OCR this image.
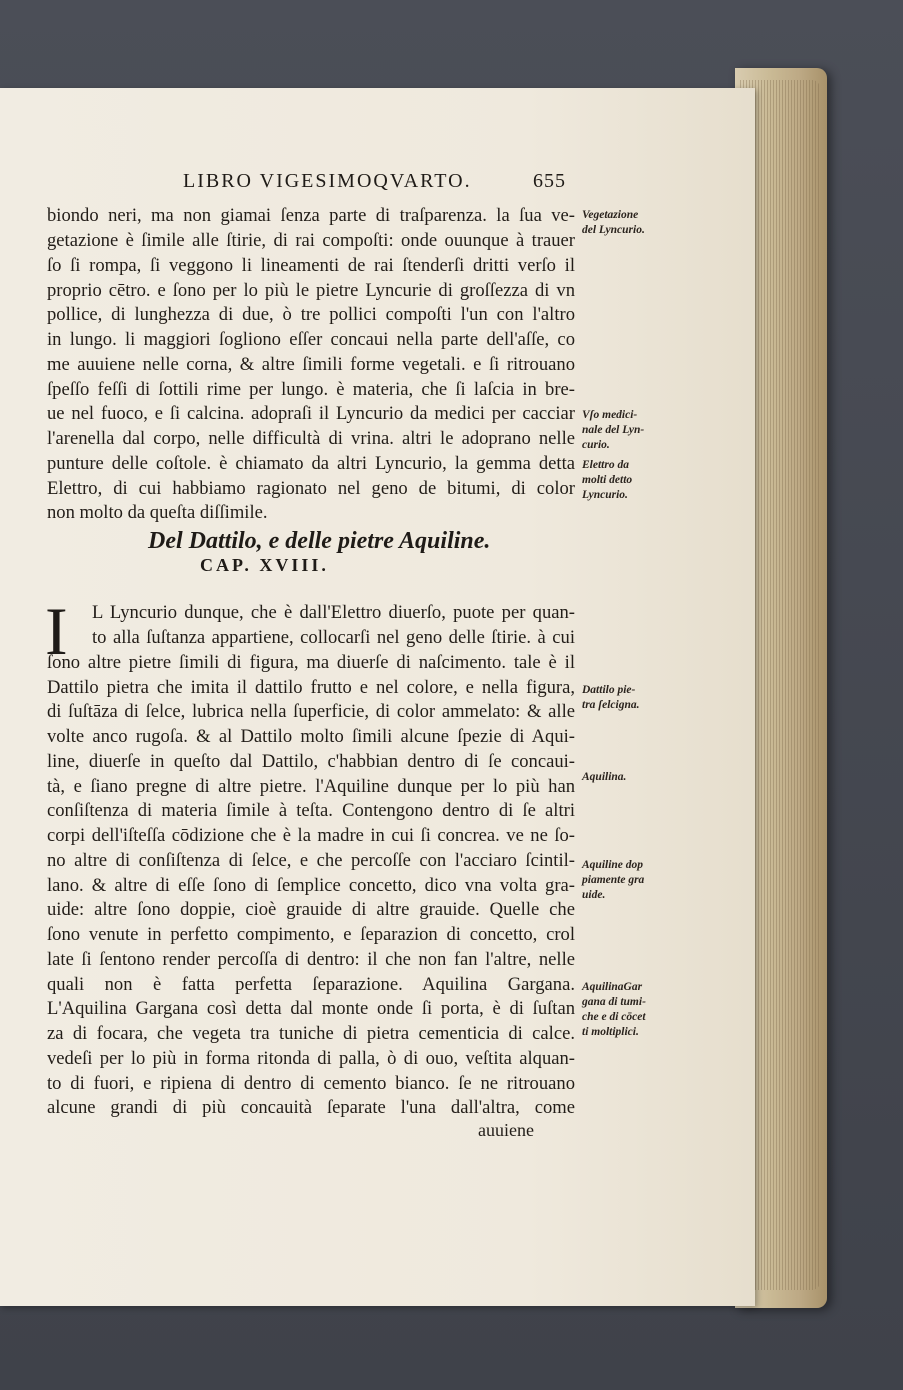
LIBRO VIGESIMOQVARTO.	655
biondo neri, ma non giamai ſenza parte di traſparenza. la ſua ve-
getazione è ſimile alle ſtirie, di rai compoſti: onde ouunque à trauer
ſo ſi rompa, ſi veggono li lineamenti de rai ſtenderſi dritti verſo il
proprio cētro. e ſono per lo più le pietre Lyncurie di groſſezza di vn
pollice, di lunghezza di due, ò tre pollici compoſti l'un con l'altro
in lungo. li maggiori ſogliono eſſer concaui nella parte dell'aſſe, co
me auuiene nelle corna, & altre ſimili forme vegetali. e ſi ritrouano
ſpeſſo feſſi di ſottili rime per lungo. è materia, che ſi laſcia in bre-
ue nel fuoco, e ſi calcina. adopraſi il Lyncurio da medici per cacciar
l'arenella dal corpo, nelle difficultà di vrina. altri le adoprano nelle
punture delle coſtole. è chiamato da altri Lyncurio, la gemma detta
Elettro, di cui habbiamo ragionato nel geno de bitumi, di color
non molto da queſta diſſimile.
Del Dattilo, e delle pietre Aquiline.
CAP. XVIII.
I L Lyncurio dunque, che è dall'Elettro diuerſo, puote per quan-
to alla ſuſtanza appartiene, collocarſi nel geno delle ſtirie. à cui
ſono altre pietre ſimili di figura, ma diuerſe di naſcimento. tale è il
Dattilo pietra che imita il dattilo frutto e nel colore, e nella figura,
di ſuſtāza di ſelce, lubrica nella ſuperficie, di color ammelato: & alle
volte anco rugoſa. & al Dattilo molto ſimili alcune ſpezie di Aqui-
line, diuerſe in queſto dal Dattilo, c'habbian dentro di ſe concaui-
tà, e ſiano pregne di altre pietre. l'Aquiline dunque per lo più han
conſiſtenza di materia ſimile à teſta. Contengono dentro di ſe altri
corpi dell'iſteſſa cōdizione che è la madre in cui ſi concrea. ve ne ſo-
no altre di conſiſtenza di ſelce, e che percoſſe con l'acciaro ſcintil-
lano. & altre di eſſe ſono di ſemplice concetto, dico vna volta gra-
uide: altre ſono doppie, cioè grauide di altre grauide. Quelle che
ſono venute in perfetto compimento, e ſeparazion di concetto, crol
late ſi ſentono render percoſſa di dentro: il che non fan l'altre, nelle
quali non è fatta perfetta ſeparazione. Aquilina Gargana.
L'Aquilina Gargana così detta dal monte onde ſi porta, è di ſuſtan
za di focara, che vegeta tra tuniche di pietra cementicia di calce.
vedeſi per lo più in forma ritonda di palla, ò di ouo, veſtita alquan-
to di fuori, e ripiena di dentro di cemento bianco. ſe ne ritrouano
alcune grandi di più concauità ſeparate l'una dall'altra, come
auuiene
Vegetazione
del Lyncurio.
Vſo medici-
nale del Lyn-
curio.
Elettro da
molti detto
Lyncurio.
Dattilo pie-
tra ſelcigna.
Aquilina.
Aquiline dop
piamente gra
uide.
AquilinaGar
gana di tumi-
che e di cōcet
ti moltiplici.
